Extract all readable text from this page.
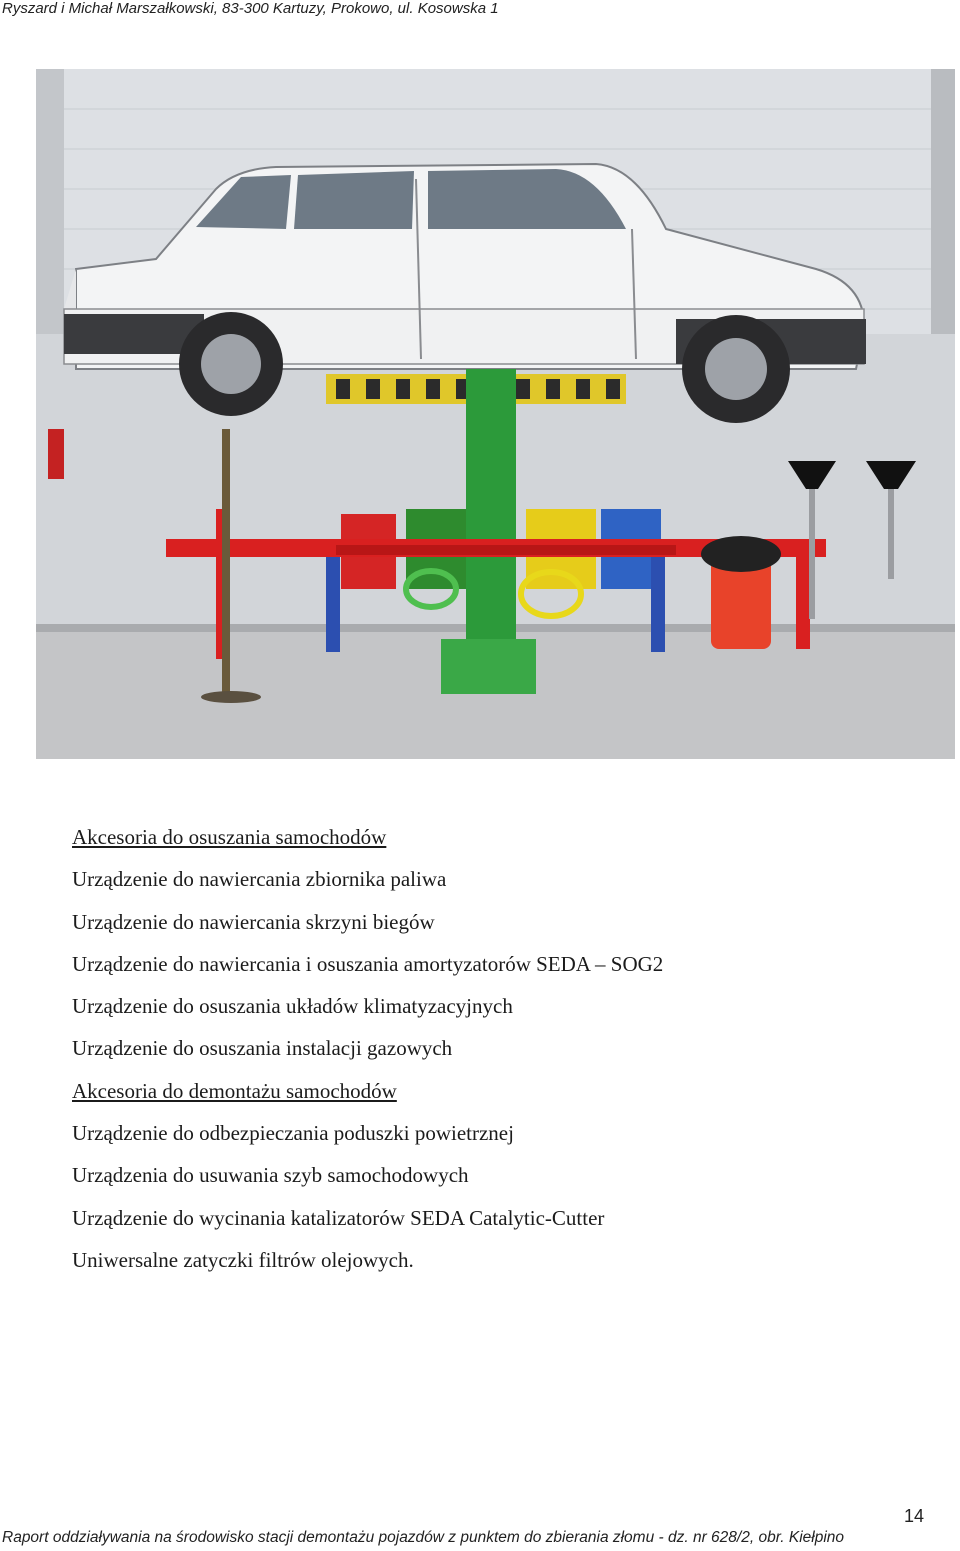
Ryszard i Michał Marszałkowski, 83-300 Kartuzy, Prokowo, ul. Kosowska 1
Akcesoria do osuszania samochodów
Urządzenie do nawiercania zbiornika paliwa
Urządzenie do nawiercania skrzyni biegów
Urządzenie do nawiercania i osuszania amortyzatorów SEDA – SOG2
Urządzenie do osuszania układów klimatyzacyjnych
Urządzenie do osuszania instalacji gazowych
Akcesoria do demontażu samochodów
Urządzenie do odbezpieczania poduszki powietrznej
Urządzenia do usuwania szyb samochodowych
Urządzenie do wycinania katalizatorów SEDA Catalytic-Cutter
Uniwersalne zatyczki filtrów olejowych.
14
Raport oddziaływania na środowisko stacji demontażu pojazdów z punktem do zbierania złomu - dz. nr 628/2, obr. Kiełpino
